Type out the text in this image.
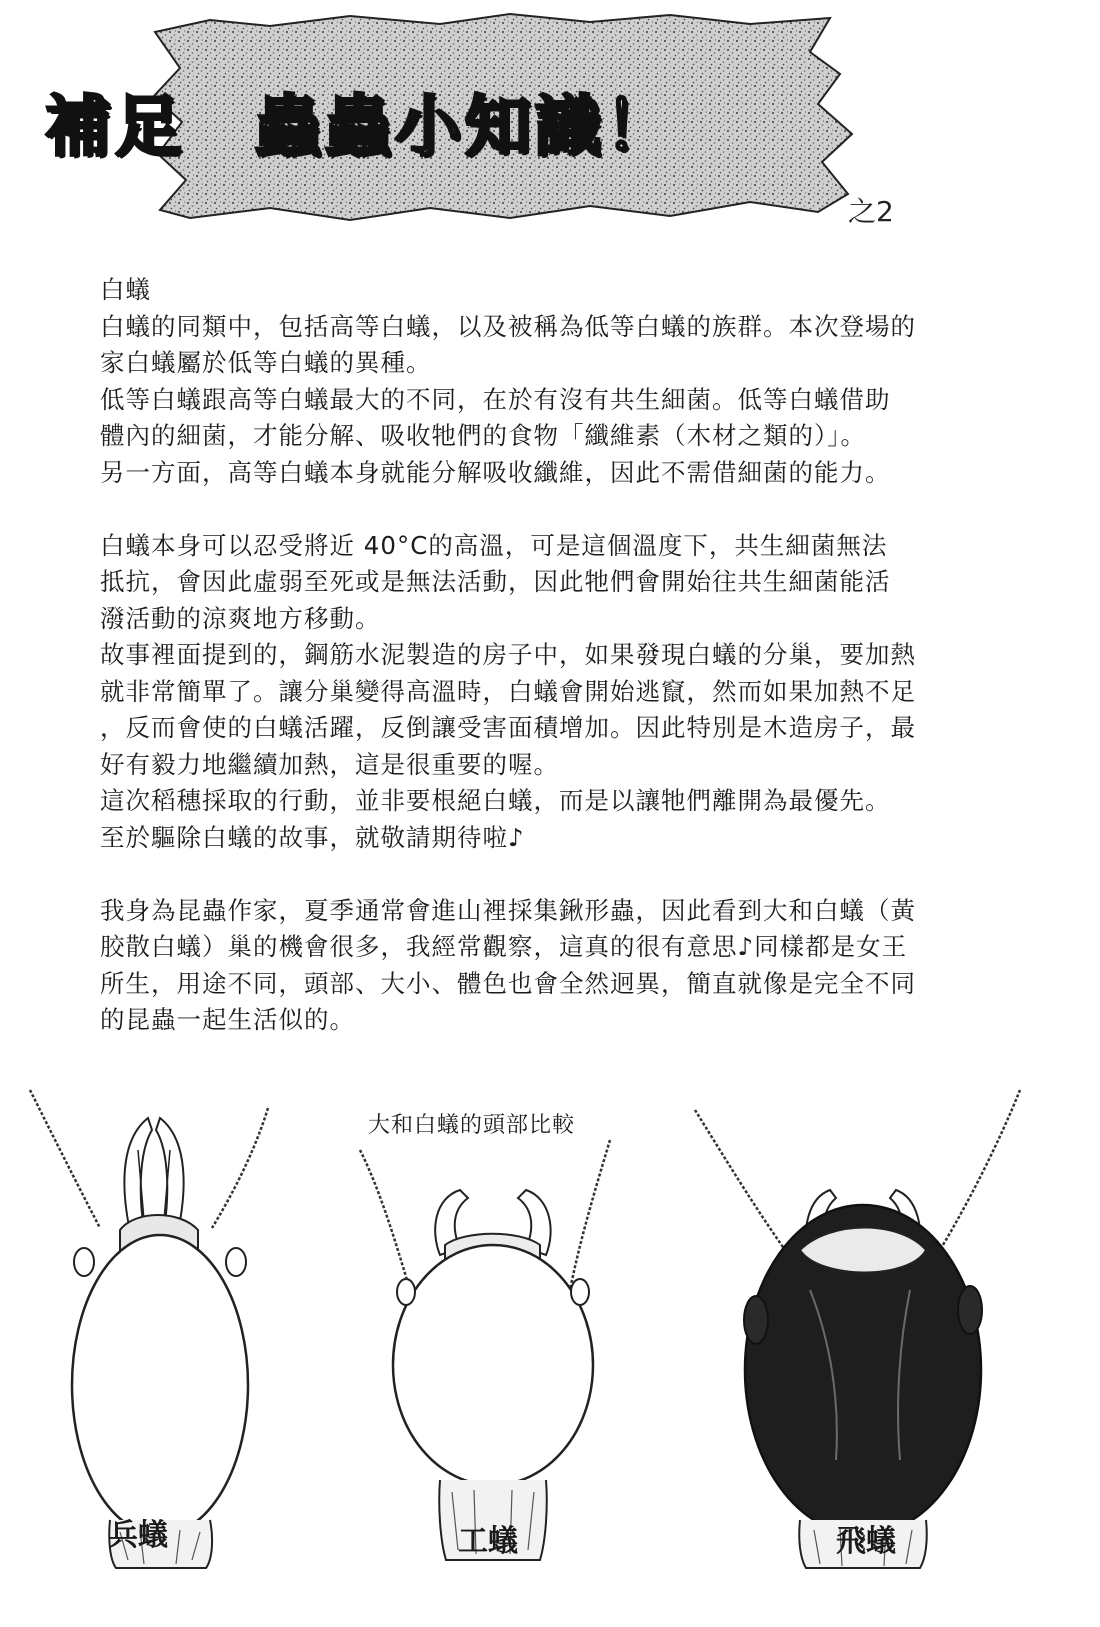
補足　蟲蟲小知識！
之2
白蟻
白蟻的同類中，包括高等白蟻，以及被稱為低等白蟻的族群。本次登場的
家白蟻屬於低等白蟻的異種。
低等白蟻跟高等白蟻最大的不同，在於有沒有共生細菌。低等白蟻借助
體內的細菌，才能分解、吸收牠們的食物「纖維素（木材之類的）」。
另一方面，高等白蟻本身就能分解吸收纖維，因此不需借細菌的能力。
白蟻本身可以忍受將近 40°C的高溫，可是這個溫度下，共生細菌無法
抵抗，會因此虛弱至死或是無法活動，因此牠們會開始往共生細菌能活
潑活動的涼爽地方移動。
故事裡面提到的，鋼筋水泥製造的房子中，如果發現白蟻的分巢，要加熱
就非常簡單了。讓分巢變得高溫時，白蟻會開始逃竄，然而如果加熱不足
，反而會使的白蟻活躍，反倒讓受害面積增加。因此特別是木造房子，最
好有毅力地繼續加熱，這是很重要的喔。
這次稻穗採取的行動，並非要根絕白蟻，而是以讓牠們離開為最優先。
至於驅除白蟻的故事，就敬請期待啦♪
我身為昆蟲作家，夏季通常會進山裡採集鍬形蟲，因此看到大和白蟻（黃
胶散白蟻）巢的機會很多，我經常觀察，這真的很有意思♪同樣都是女王
所生，用途不同，頭部、大小、體色也會全然迥異，簡直就像是完全不同
的昆蟲一起生活似的。
大和白蟻的頭部比較
兵蟻	工蟻	飛蟻
